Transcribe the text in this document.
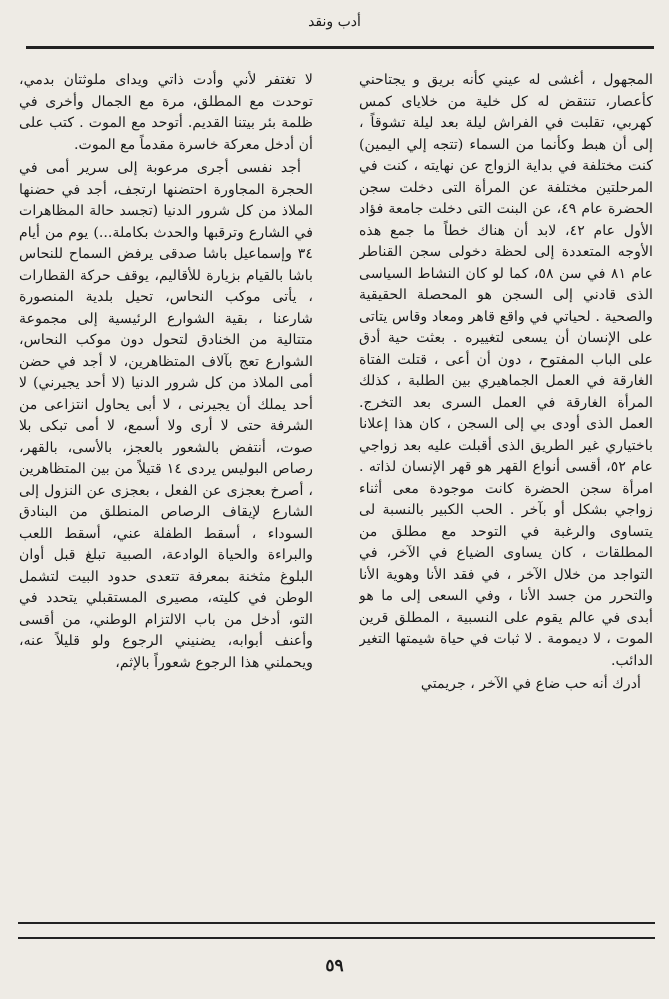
أدب ونقد

المجهول ، أغشى له عيني كأنه بريق و يجتاحني كأعصار، تنتقض له كل خلية من خلاياى كمس كهربي، تقلبت في الفراش ليلة بعد ليلة تشوقاً ، إلى أن هبط وكأنما من السماء (تتجه إلي اليمين) كنت مختلفة في بداية الزواج عن نهايته ، كنت في المرحلتين مختلفة عن المرأة التى دخلت سجن الحضرة عام ٤٩، عن البنت التى دخلت جامعة فؤاد الأول عام ٤٢، لابد أن هناك خطاً ما جمع هذه الأوجه المتعددة إلى لحظة دخولى سجن القناطر عام ٨١ في سن ٥٨، كما لو كان النشاط السياسى الذى قادني إلى السجن هو المحصلة الحقيقية والصحية . لحياتي في واقع قاهر ومعاد وقاس يتاتى على الإنسان أن يسعى لتغييره . بعثت حية أدق على الباب المفتوح ، دون أن أعى ، قتلت الفتاة الغارقة في العمل الجماهيري بين الطلبة ، كذلك المرأة الغارقة في العمل السرى بعد التخرج. العمل الذى أودى بي إلى السجن ، كان هذا إعلانا باختياري غير الطريق الذى أقبلت عليه بعد زواجي عام ٥٢، أقسى أنواع القهر هو قهر الإنسان لذاته . امرأة سجن الحضرة كانت موجودة معى أثناء زواجي بشكل أو بآخر . الحب الكبير بالنسبة لى يتساوى والرغبة في التوحد مع مطلق من المطلقات ، كان يساوى الضياع في الآخر، في التواجد من خلال الآخر ، في فقد الأنا وهوية الأنا والتحرر من جسد الأنا ، وفي السعى إلى ما هو أبدى في عالم يقوم على النسبية ، المطلق قرين الموت ، لا ديمومة . لا ثبات في حياة شيمتها التغير الدائب.

أدرك أنه حب ضاع في الآخر ، جريمتي

لا تغتفر لأني وأدت ذاتي ويداى ملوثتان بدمي، توحدت مع المطلق، مرة مع الجمال وأخرى في ظلمة بئر بيتنا القديم. أتوحد مع الموت . كتب على أن أدخل معركة خاسرة مقدماً مع الموت.

أجد نفسى أجرى مرعوبة إلى سرير أمى في الحجرة المجاورة احتضنها ارتجف، أجد في حضنها الملاذ من كل شرور الدنيا (تجسد حالة المظاهرات في الشارع وترقبها والحدث بكاملة...) يوم من أيام ٣٤ وإسماعيل باشا صدقى يرفض السماح للنحاس باشا بالقيام بزيارة للأقاليم، يوقف حركة القطارات ، يأتى موكب النحاس، تحيل بلدية المنصورة شارعنا ، بقية الشوارع الرئيسية إلى مجموعة متتالية من الخنادق لتحول دون موكب النحاس، الشوارع تعج بآلاف المتظاهرين، لا أجد في حضن أمى الملاذ من كل شرور الدنيا (لا أحد يجيرني) لا أحد يملك أن يجيرنى ، لا أبى يحاول انتزاعى من الشرفة حتى لا أرى ولا أسمع، لا أمى تبكى بلا صوت، أنتفض بالشعور بالعجز، بالأسى، بالقهر، رصاص البوليس يردى ١٤ قتيلاً من بين المتظاهرين ، أصرخ بعجزى عن الفعل ، بعجزى عن النزول إلى الشارع لإيقاف الرصاص المنطلق من البنادق السوداء ، أسقط الطفلة عني، أسقط اللعب والبراءة والحياة الوادعة، الصبية تبلغ قبل أوان البلوغ مثخنة بمعرفة تتعدى حدود البيت لتشمل الوطن في كليته، مصيرى المستقبلي يتحدد في التو، أدخل من باب الالتزام الوطني، من أقسى وأعنف أبوابه، يضنيني الرجوع ولو قليلاً عنه، ويحملني هذا الرجوع شعوراً بالإثم،

٥٩
